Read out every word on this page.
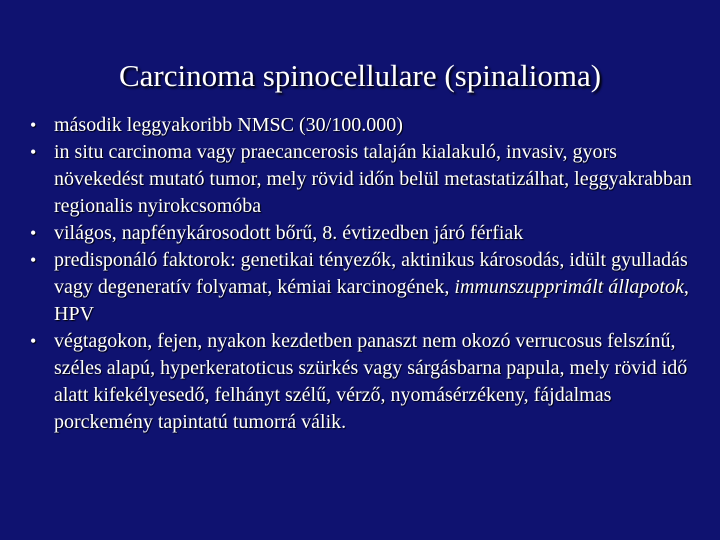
Carcinoma spinocellulare (spinalioma)
• második leggyakoribb NMSC (30/100.000)
• in situ carcinoma vagy praecancerosis talaján kialakuló, invasiv, gyors növekedést mutató tumor, mely rövid időn belül metastatizálhat, leggyakrabban regionalis nyirokcsomóba
• világos, napfénykárosodott bőrű, 8. évtizedben járó férfiak
• predisponáló faktorok: genetikai tényezők, aktinikus károsodás, idült gyulladás vagy degeneratív folyamat, kémiai karcinogének, immunszupprimált állapotok, HPV
• végtagokon, fejen, nyakon kezdetben panaszt nem okozó verrucosus felszínű, széles alapú, hyperkeratoticus szürkés vagy sárgásbarna papula, mely rövid idő alatt kifekélyesedő, felhányt szélű, vérző, nyomásérzékeny, fájdalmas porckemény tapintatú tumorrá válik.
